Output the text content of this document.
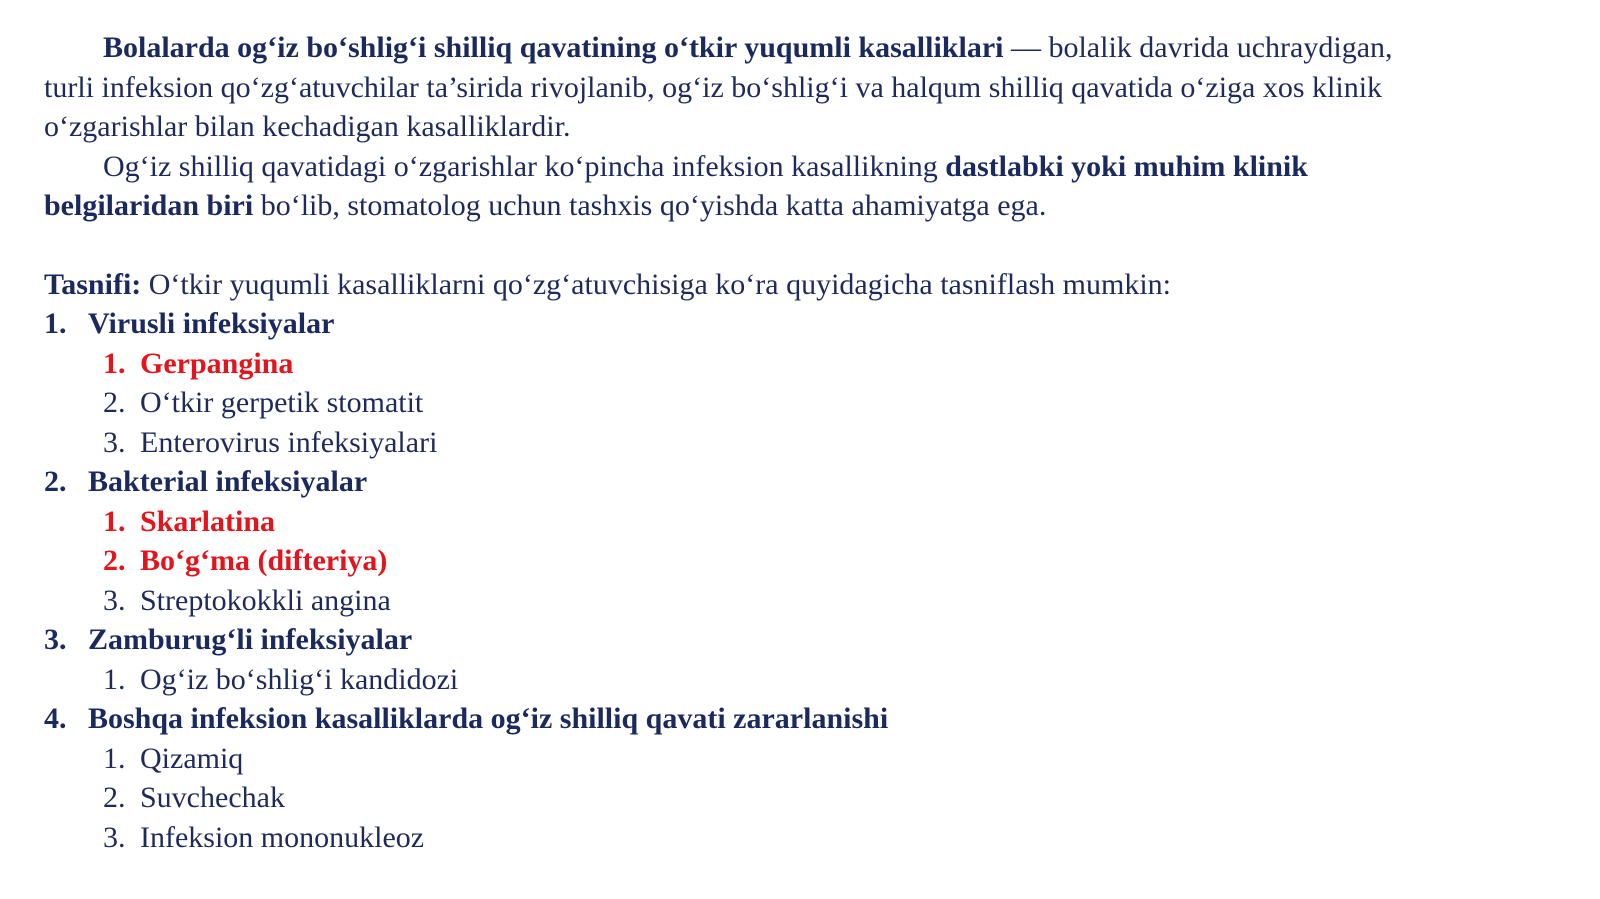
Bolalarda og‘iz bo‘shlig‘i shilliq qavatining o‘tkir yuqumli kasalliklari — bolalik davrida uchraydigan,
turli infeksion qo‘zg‘atuvchilar ta’sirida rivojlanib, og‘iz bo‘shlig‘i va halqum shilliq qavatida o‘ziga xos klinik
o‘zgarishlar bilan kechadigan kasalliklardir.
Og‘iz shilliq qavatidagi o‘zgarishlar ko‘pincha infeksion kasallikning dastlabki yoki muhim klinik
belgilaridan biri bo‘lib, stomatolog uchun tashxis qo‘yishda katta ahamiyatga ega.
Tasnifi: O‘tkir yuqumli kasalliklarni qo‘zg‘atuvchisiga ko‘ra quyidagicha tasniflash mumkin:
1. Virusli infeksiyalar
1. Gerpangina
2. O‘tkir gerpetik stomatit
3. Enterovirus infeksiyalari
2. Bakterial infeksiyalar
1. Skarlatina
2. Bo‘g‘ma (difteriya)
3. Streptokokkli angina
3. Zamburug‘li infeksiyalar
1. Og‘iz bo‘shlig‘i kandidozi
4. Boshqa infeksion kasalliklarda og‘iz shilliq qavati zararlanishi
1. Qizamiq
2. Suvchechak
3. Infeksion mononukleoz
